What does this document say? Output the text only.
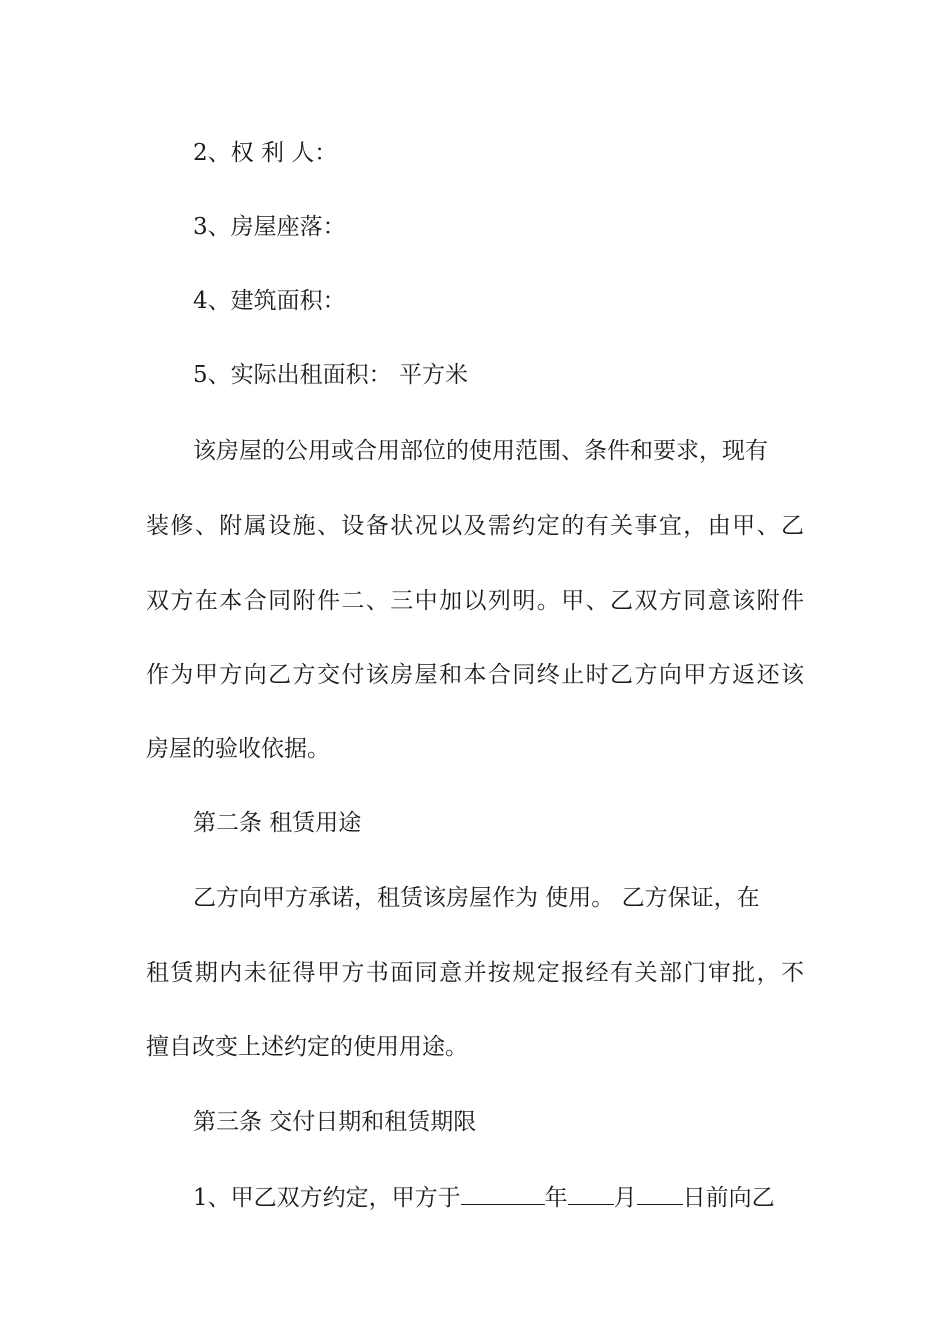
2、权 利 人：
3、房屋座落：
4、建筑面积：
5、实际出租面积： 平方米
该房屋的公用或合用部位的使用范围、条件和要求，现有
装修、附属设施、设备状况以及需约定的有关事宜，由甲、乙
双方在本合同附件二、三中加以列明。甲、乙双方同意该附件
作为甲方向乙方交付该房屋和本合同终止时乙方向甲方返还该
房屋的验收依据。
第二条 租赁用途
乙方向甲方承诺，租赁该房屋作为 使用。 乙方保证，在
租赁期内未征得甲方书面同意并按规定报经有关部门审批，不
擅自改变上述约定的使用用途。
第三条 交付日期和租赁期限
1、甲乙双方约定，甲方于	年 月 日前向乙
